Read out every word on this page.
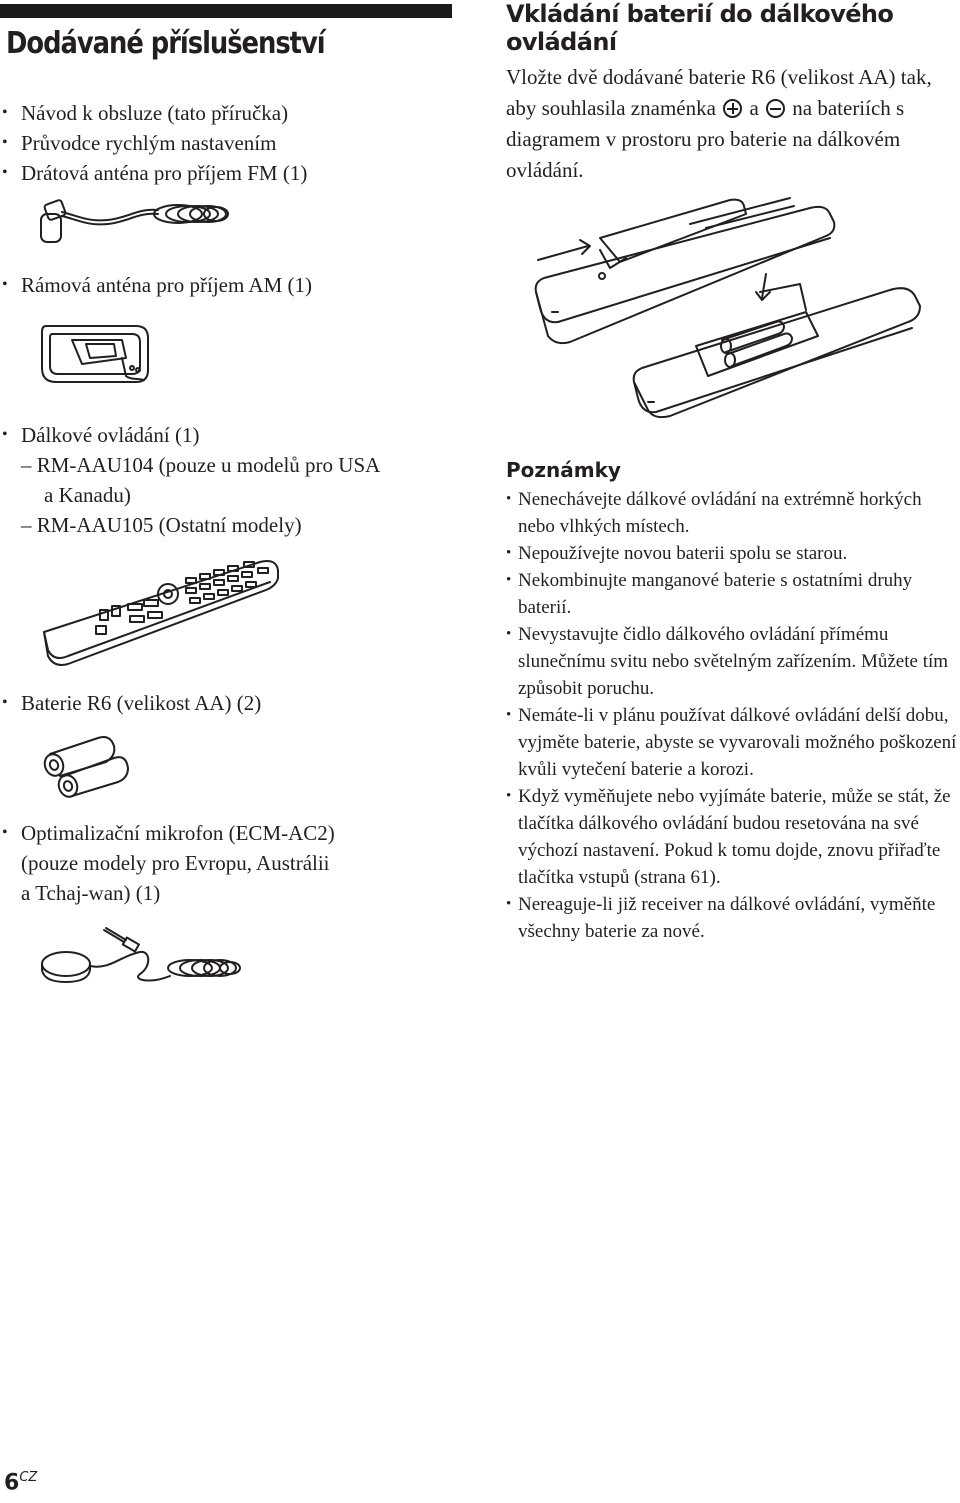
Dodávané příslušenství
• Návod k obsluze (tato příručka)
• Průvodce rychlým nastavením
• Drátová anténa pro příjem FM (1)
• Rámová anténa pro příjem AM (1)
• Dálkové ovládání (1)
– RM-AAU104 (pouze u modelů pro USA
a Kanadu)
– RM-AAU105 (Ostatní modely)
• Baterie R6 (velikost AA) (2)
• Optimalizační mikrofon (ECM-AC2)
(pouze modely pro Evropu, Austrálii
a Tchaj-wan) (1)
Vkládání baterií do dálkového ovládání

Vložte dvě dodávané baterie R6 (velikost AA) tak, aby souhlasila znaménka a na bateriích s diagramem v prostoru pro baterie na dálkovém ovládání.

Poznámky
• Nenechávejte dálkové ovládání na extrémně horkých nebo vlhkých místech.
• Nepoužívejte novou baterii spolu se starou.
• Nekombinujte manganové baterie s ostatními druhy baterií.
• Nevystavujte čidlo dálkového ovládání přímému slunečnímu svitu nebo světelným zařízením. Můžete tím způsobit poruchu.
• Nemáte-li v plánu používat dálkové ovládání delší dobu, vyjměte baterie, abyste se vyvarovali možného poškození kvůli vytečení baterie a korozi.
• Když vyměňujete nebo vyjímáte baterie, může se stát, že tlačítka dálkového ovládání budou resetována na své výchozí nastavení. Pokud k tomu dojde, znovu přiřaďte tlačítka vstupů (strana 61).
• Nereaguje-li již receiver na dálkové ovládání, vyměňte všechny baterie za nové.
$6^{CZ}$
